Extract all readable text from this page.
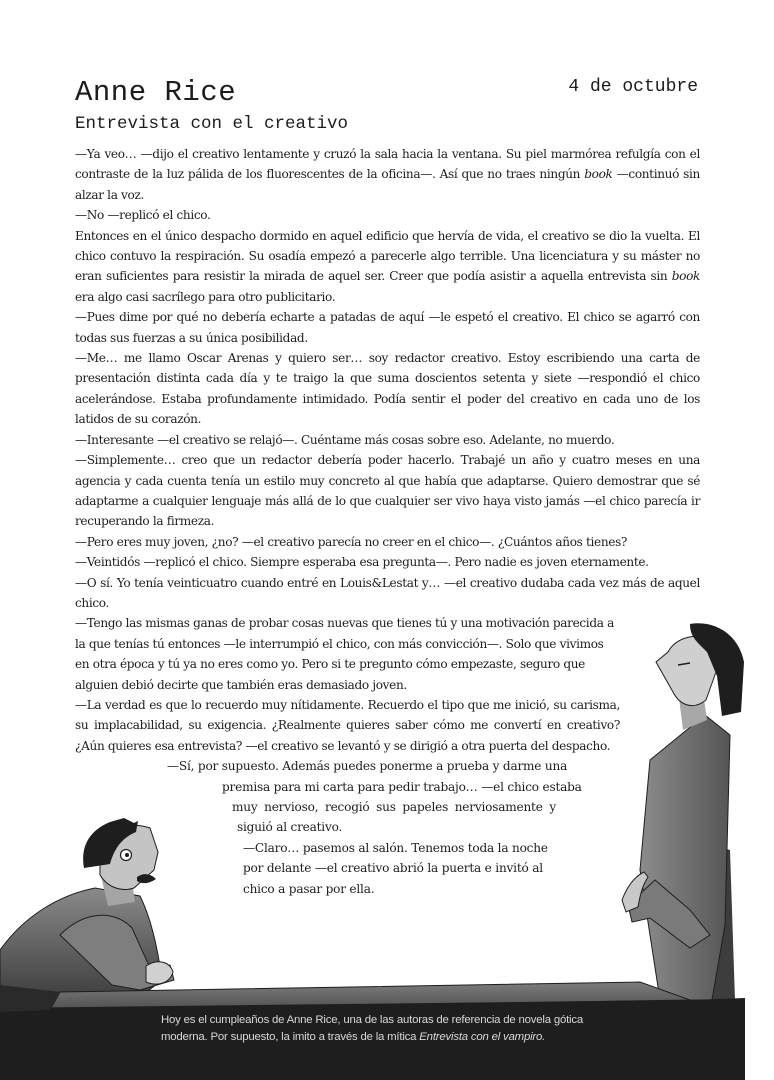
Anne Rice	4 de octubre
Entrevista con el creativo

—Ya veo… —dijo el creativo lentamente y cruzó la sala hacia la ventana. Su piel marmórea refulgía con el contraste de la luz pálida de los fluorescentes de la oficina—. Así que no traes ningún book —continuó sin alzar la voz.

—No —replicó el chico.

Entonces en el único despacho dormido en aquel edificio que hervía de vida, el creativo se dio la vuelta. El chico contuvo la respiración. Su osadía empezó a parecerle algo terrible. Una licenciatura y su máster no eran suficientes para resistir la mirada de aquel ser. Creer que podía asistir a aquella entrevista sin book era algo casi sacrílego para otro publicitario.

—Pues dime por qué no debería echarte a patadas de aquí —le espetó el creativo. El chico se agarró con todas sus fuerzas a su única posibilidad.

—Me… me llamo Oscar Arenas y quiero ser… soy redactor creativo. Estoy escribiendo una carta de presentación distinta cada día y te traigo la que suma doscientos setenta y siete —respondió el chico acelerándose. Estaba profundamente intimidado. Podía sentir el poder del creativo en cada uno de los latidos de su corazón.

—Interesante —el creativo se relajó—. Cuéntame más cosas sobre eso. Adelante, no muerdo.

—Simplemente… creo que un redactor debería poder hacerlo. Trabajé un año y cuatro meses en una agencia y cada cuenta tenía un estilo muy concreto al que había que adaptarse. Quiero demostrar que sé adaptarme a cualquier lenguaje más allá de lo que cualquier ser vivo haya visto jamás —el chico parecía ir recuperando la firmeza.

—Pero eres muy joven, ¿no? —el creativo parecía no creer en el chico—. ¿Cuántos años tienes?

—Veintidós —replicó el chico. Siempre esperaba esa pregunta—. Pero nadie es joven eternamente.

—O sí. Yo tenía veinticuatro cuando entré en Louis&Lestat y… —el creativo dudaba cada vez más de aquel chico.

—Tengo las mismas ganas de probar cosas nuevas que tienes tú y una motivación parecida a la que tenías tú entonces —le interrumpió el chico, con más convicción—. Solo que vivimos en otra época y tú ya no eres como yo. Pero si te pregunto cómo empezaste, seguro que alguien debió decirte que también eras demasiado joven.

—La verdad es que lo recuerdo muy nítidamente. Recuerdo el tipo que me inició, su carisma, su implacabilidad, su exigencia. ¿Realmente quieres saber cómo me convertí en creativo? ¿Aún quieres esa entrevista? —el creativo se levantó y se dirigió a otra puerta del despacho.

—Sí, por supuesto. Además puedes ponerme a prueba y darme una
premisa para mi carta para pedir trabajo… —el chico estaba
muy nervioso, recogió sus papeles nerviosamente y
siguió al creativo.
—Claro… pasemos al salón. Tenemos toda la noche
por delante —el creativo abrió la puerta e invitó al
chico a pasar por ella.
Hoy es el cumpleaños de Anne Rice, una de las autoras de referencia de novela gótica moderna. Por supuesto, la imito a través de la mítica Entrevista con el vampiro.
